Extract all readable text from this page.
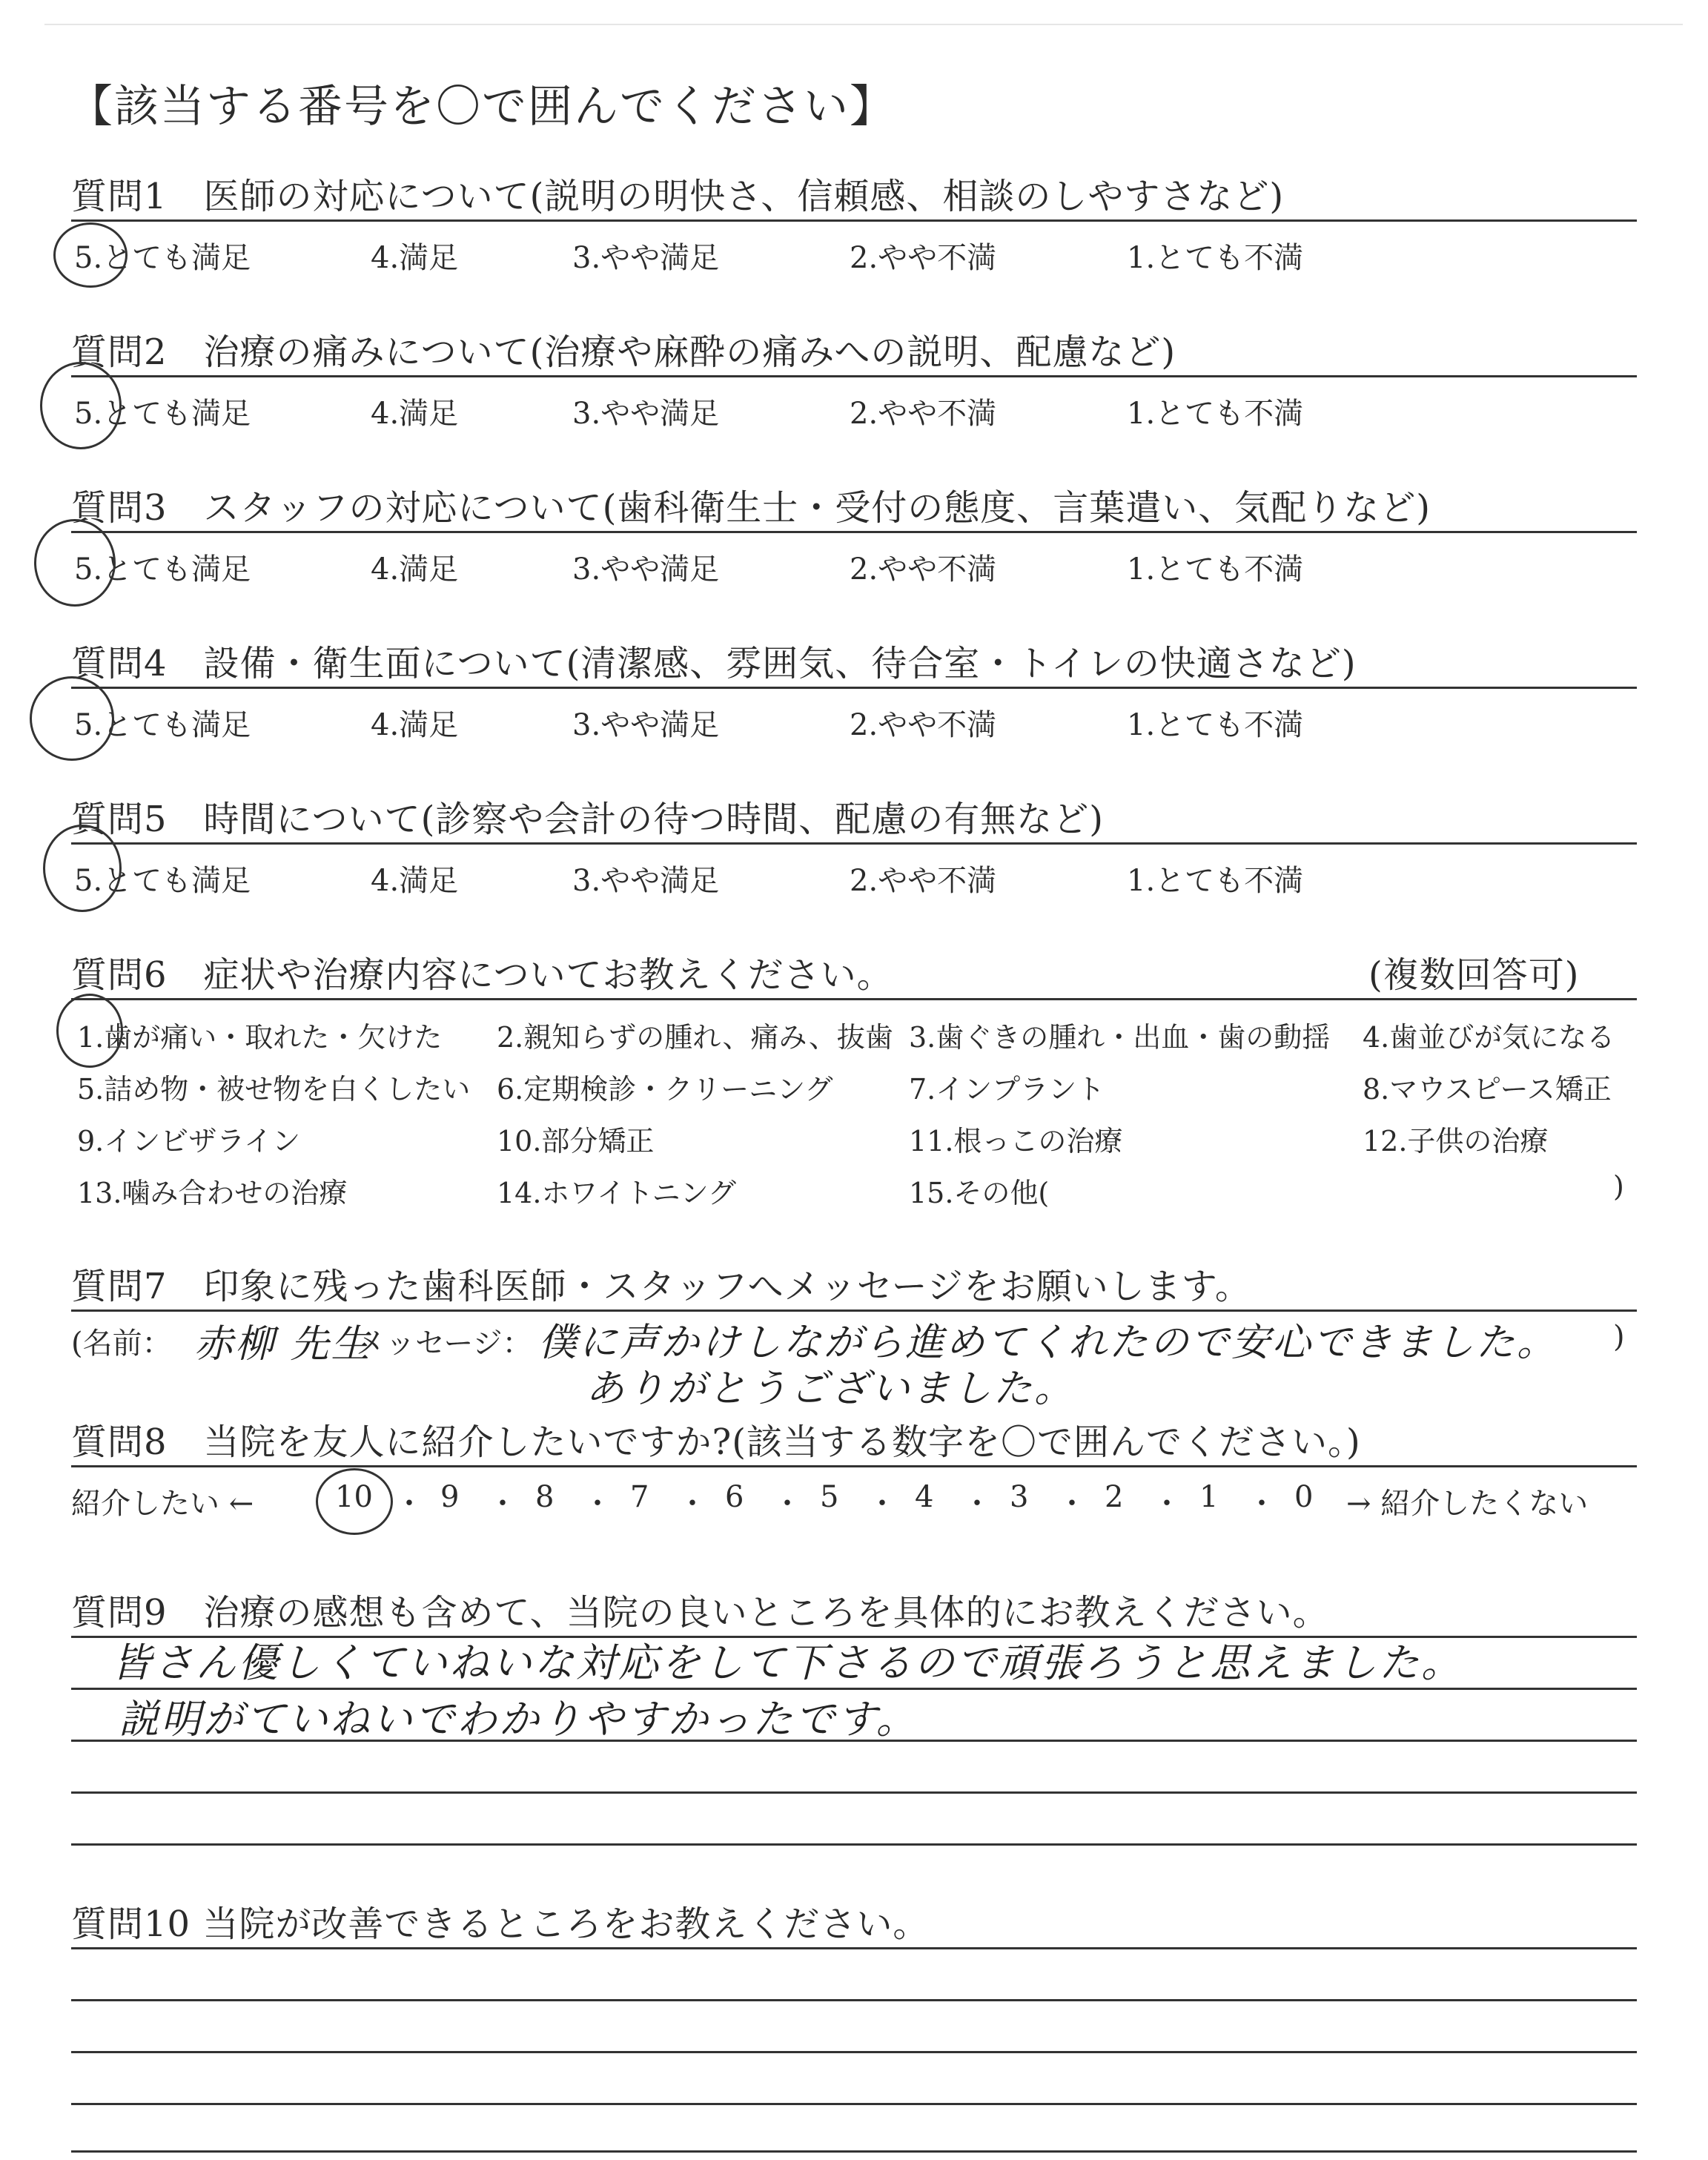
【該当する番号を〇で囲んでください】
質問1　医師の対応について(説明の明快さ、信頼感、相談のしやすさなど)
5.とても満足	4.満足	3.やや満足	2.やや不満	1.とても不満
質問2　治療の痛みについて(治療や麻酔の痛みへの説明、配慮など)
5.とても満足	4.満足	3.やや満足	2.やや不満	1.とても不満
質問3　スタッフの対応について(歯科衛生士・受付の態度、言葉遣い、気配りなど)
5.とても満足	4.満足	3.やや満足	2.やや不満	1.とても不満
質問4　設備・衛生面について(清潔感、雰囲気、待合室・トイレの快適さなど)
5.とても満足	4.満足	3.やや満足	2.やや不満	1.とても不満
質問5　時間について(診察や会計の待つ時間、配慮の有無など)
5.とても満足	4.満足	3.やや満足	2.やや不満	1.とても不満
質問6　症状や治療内容についてお教えください。	(複数回答可)
1.歯が痛い・取れた・欠けた 2.親知らずの腫れ、痛み、抜歯 3.歯ぐきの腫れ・出血・歯の動揺 4.歯並びが気になる
5.詰め物・被せ物を白くしたい 6.定期検診・クリーニング	7.インプラント	8.マウスピース矯正
9.インビザライン	10.部分矯正	11.根っこの治療	12.子供の治療
13.噛み合わせの治療	14.ホワイトニング	15.その他(	)
質問7　印象に残った歯科医師・スタッフへメッセージをお願いします。
(名前： 赤柳 先生
メッセージ： 僕に声かけしながら進めてくれたので安心できました。
ありがとうございました。
)
質問8　当院を友人に紹介したいですか?(該当する数字を〇で囲んでください。)
紹介したい ←	10 ・ 9 ・ 8 ・ 7 ・ 6 ・ 5 ・ 4 ・ 3 ・ 2 ・ 1 ・ 0 → 紹介したくない
質問9　治療の感想も含めて、当院の良いところを具体的にお教えください。
皆さん優しくていねいな対応をして下さるので頑張ろうと思えました。
説明がていねいでわかりやすかったです。
質問10 当院が改善できるところをお教えください。
